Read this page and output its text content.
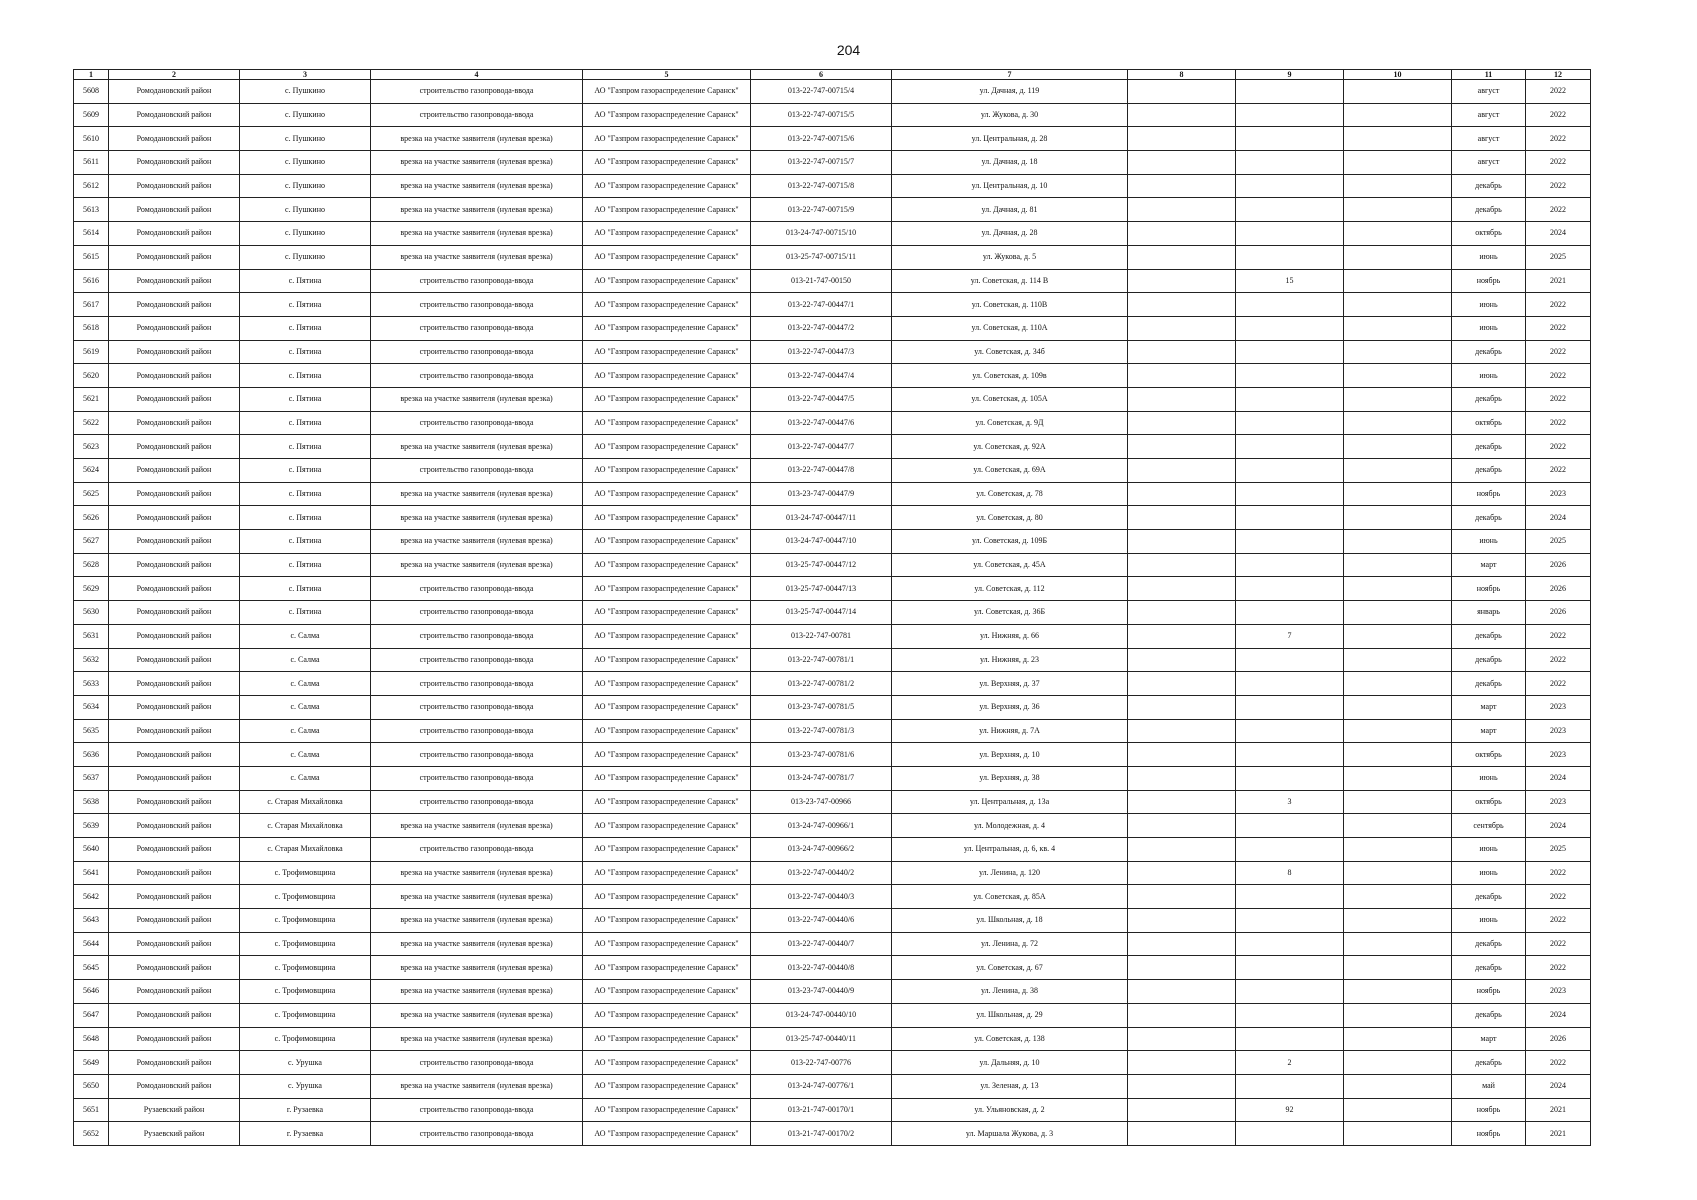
204
1	2	3	4	5	6	7	8	9	10	11	12
5608	Ромодановский район	с. Пушкино	строительство газопровода-ввода	АО "Газпром газораспределение Саранск"	013-22-747-00715/4	ул. Дачная, д. 119				август	2022
5609	Ромодановский район	с. Пушкино	строительство газопровода-ввода	АО "Газпром газораспределение Саранск"	013-22-747-00715/5	ул. Жукова, д. 30				август	2022
5610	Ромодановский район	с. Пушкино	врезка на участке заявителя (нулевая врезка)	АО "Газпром газораспределение Саранск"	013-22-747-00715/6	ул. Центральная, д. 28				август	2022
5611	Ромодановский район	с. Пушкино	врезка на участке заявителя (нулевая врезка)	АО "Газпром газораспределение Саранск"	013-22-747-00715/7	ул. Дачная, д. 18				август	2022
5612	Ромодановский район	с. Пушкино	врезка на участке заявителя (нулевая врезка)	АО "Газпром газораспределение Саранск"	013-22-747-00715/8	ул. Центральная, д. 10				декабрь	2022
5613	Ромодановский район	с. Пушкино	врезка на участке заявителя (нулевая врезка)	АО "Газпром газораспределение Саранск"	013-22-747-00715/9	ул. Дачная, д. 81				декабрь	2022
5614	Ромодановский район	с. Пушкино	врезка на участке заявителя (нулевая врезка)	АО "Газпром газораспределение Саранск"	013-24-747-00715/10	ул. Дачная, д. 28				октябрь	2024
5615	Ромодановский район	с. Пушкино	врезка на участке заявителя (нулевая врезка)	АО "Газпром газораспределение Саранск"	013-25-747-00715/11	ул. Жукова, д. 5				июнь	2025
5616	Ромодановский район	с. Пятина	строительство газопровода-ввода	АО "Газпром газораспределение Саранск"	013-21-747-00150	ул. Советская, д. 114 В		15		ноябрь	2021
5617	Ромодановский район	с. Пятина	строительство газопровода-ввода	АО "Газпром газораспределение Саранск"	013-22-747-00447/1	ул. Советская, д. 110В				июнь	2022
5618	Ромодановский район	с. Пятина	строительство газопровода-ввода	АО "Газпром газораспределение Саранск"	013-22-747-00447/2	ул. Советская, д. 110А				июнь	2022
5619	Ромодановский район	с. Пятина	строительство газопровода-ввода	АО "Газпром газораспределение Саранск"	013-22-747-00447/3	ул. Советская, д. 34б				декабрь	2022
5620	Ромодановский район	с. Пятина	строительство газопровода-ввода	АО "Газпром газораспределение Саранск"	013-22-747-00447/4	ул. Советская, д. 109в				июнь	2022
5621	Ромодановский район	с. Пятина	врезка на участке заявителя (нулевая врезка)	АО "Газпром газораспределение Саранск"	013-22-747-00447/5	ул. Советская, д. 105А				декабрь	2022
5622	Ромодановский район	с. Пятина	строительство газопровода-ввода	АО "Газпром газораспределение Саранск"	013-22-747-00447/6	ул. Советская, д. 9Д				октябрь	2022
5623	Ромодановский район	с. Пятина	врезка на участке заявителя (нулевая врезка)	АО "Газпром газораспределение Саранск"	013-22-747-00447/7	ул. Советская, д. 92А				декабрь	2022
5624	Ромодановский район	с. Пятина	строительство газопровода-ввода	АО "Газпром газораспределение Саранск"	013-22-747-00447/8	ул. Советская, д. 69А				декабрь	2022
5625	Ромодановский район	с. Пятина	врезка на участке заявителя (нулевая врезка)	АО "Газпром газораспределение Саранск"	013-23-747-00447/9	ул. Советская, д. 78				ноябрь	2023
5626	Ромодановский район	с. Пятина	врезка на участке заявителя (нулевая врезка)	АО "Газпром газораспределение Саранск"	013-24-747-00447/11	ул. Советская, д. 80				декабрь	2024
5627	Ромодановский район	с. Пятина	врезка на участке заявителя (нулевая врезка)	АО "Газпром газораспределение Саранск"	013-24-747-00447/10	ул. Советская, д. 109Б				июнь	2025
5628	Ромодановский район	с. Пятина	врезка на участке заявителя (нулевая врезка)	АО "Газпром газораспределение Саранск"	013-25-747-00447/12	ул. Советская, д. 45А				март	2026
5629	Ромодановский район	с. Пятина	строительство газопровода-ввода	АО "Газпром газораспределение Саранск"	013-25-747-00447/13	ул. Советская, д. 112				ноябрь	2026
5630	Ромодановский район	с. Пятина	строительство газопровода-ввода	АО "Газпром газораспределение Саранск"	013-25-747-00447/14	ул. Советская, д. 36Б				январь	2026
5631	Ромодановский район	с. Салма	строительство газопровода-ввода	АО "Газпром газораспределение Саранск"	013-22-747-00781	ул. Нижняя, д. 66		7		декабрь	2022
5632	Ромодановский район	с. Салма	строительство газопровода-ввода	АО "Газпром газораспределение Саранск"	013-22-747-00781/1	ул. Нижняя, д. 23				декабрь	2022
5633	Ромодановский район	с. Салма	строительство газопровода-ввода	АО "Газпром газораспределение Саранск"	013-22-747-00781/2	ул. Верхняя, д. 37				декабрь	2022
5634	Ромодановский район	с. Салма	строительство газопровода-ввода	АО "Газпром газораспределение Саранск"	013-23-747-00781/5	ул. Верхняя, д. 36				март	2023
5635	Ромодановский район	с. Салма	строительство газопровода-ввода	АО "Газпром газораспределение Саранск"	013-22-747-00781/3	ул. Нижняя, д. 7А				март	2023
5636	Ромодановский район	с. Салма	строительство газопровода-ввода	АО "Газпром газораспределение Саранск"	013-23-747-00781/6	ул. Верхняя, д. 10				октябрь	2023
5637	Ромодановский район	с. Салма	строительство газопровода-ввода	АО "Газпром газораспределение Саранск"	013-24-747-00781/7	ул. Верхняя, д. 38				июнь	2024
5638	Ромодановский район	с. Старая Михайловка	строительство газопровода-ввода	АО "Газпром газораспределение Саранск"	013-23-747-00966	ул. Центральная, д. 13а		3		октябрь	2023
5639	Ромодановский район	с. Старая Михайловка	врезка на участке заявителя (нулевая врезка)	АО "Газпром газораспределение Саранск"	013-24-747-00966/1	ул. Молодежная, д. 4				сентябрь	2024
5640	Ромодановский район	с. Старая Михайловка	строительство газопровода-ввода	АО "Газпром газораспределение Саранск"	013-24-747-00966/2	ул. Центральная, д. 6, кв. 4				июнь	2025
5641	Ромодановский район	с. Трофимовщина	врезка на участке заявителя (нулевая врезка)	АО "Газпром газораспределение Саранск"	013-22-747-00440/2	ул. Ленина, д. 120		8		июнь	2022
5642	Ромодановский район	с. Трофимовщина	врезка на участке заявителя (нулевая врезка)	АО "Газпром газораспределение Саранск"	013-22-747-00440/3	ул. Советская, д. 85А				декабрь	2022
5643	Ромодановский район	с. Трофимовщина	врезка на участке заявителя (нулевая врезка)	АО "Газпром газораспределение Саранск"	013-22-747-00440/6	ул. Школьная, д. 18				июнь	2022
5644	Ромодановский район	с. Трофимовщина	врезка на участке заявителя (нулевая врезка)	АО "Газпром газораспределение Саранск"	013-22-747-00440/7	ул. Ленина, д. 72				декабрь	2022
5645	Ромодановский район	с. Трофимовщина	врезка на участке заявителя (нулевая врезка)	АО "Газпром газораспределение Саранск"	013-22-747-00440/8	ул. Советская, д. 67				декабрь	2022
5646	Ромодановский район	с. Трофимовщина	врезка на участке заявителя (нулевая врезка)	АО "Газпром газораспределение Саранск"	013-23-747-00440/9	ул. Ленина, д. 38				ноябрь	2023
5647	Ромодановский район	с. Трофимовщина	врезка на участке заявителя (нулевая врезка)	АО "Газпром газораспределение Саранск"	013-24-747-00440/10	ул. Школьная, д. 29				декабрь	2024
5648	Ромодановский район	с. Трофимовщина	врезка на участке заявителя (нулевая врезка)	АО "Газпром газораспределение Саранск"	013-25-747-00440/11	ул. Советская, д. 138				март	2026
5649	Ромодановский район	с. Урушка	строительство газопровода-ввода	АО "Газпром газораспределение Саранск"	013-22-747-00776	ул. Дальняя, д. 10		2		декабрь	2022
5650	Ромодановский район	с. Урушка	врезка на участке заявителя (нулевая врезка)	АО "Газпром газораспределение Саранск"	013-24-747-00776/1	ул. Зеленая, д. 13				май	2024
5651	Рузаевский район	г. Рузаевка	строительство газопровода-ввода	АО "Газпром газораспределение Саранск"	013-21-747-00170/1	ул. Ульяновская, д. 2		92		ноябрь	2021
5652	Рузаевский район	г. Рузаевка	строительство газопровода-ввода	АО "Газпром газораспределение Саранск"	013-21-747-00170/2	ул. Маршала Жукова, д. 3				ноябрь	2021
